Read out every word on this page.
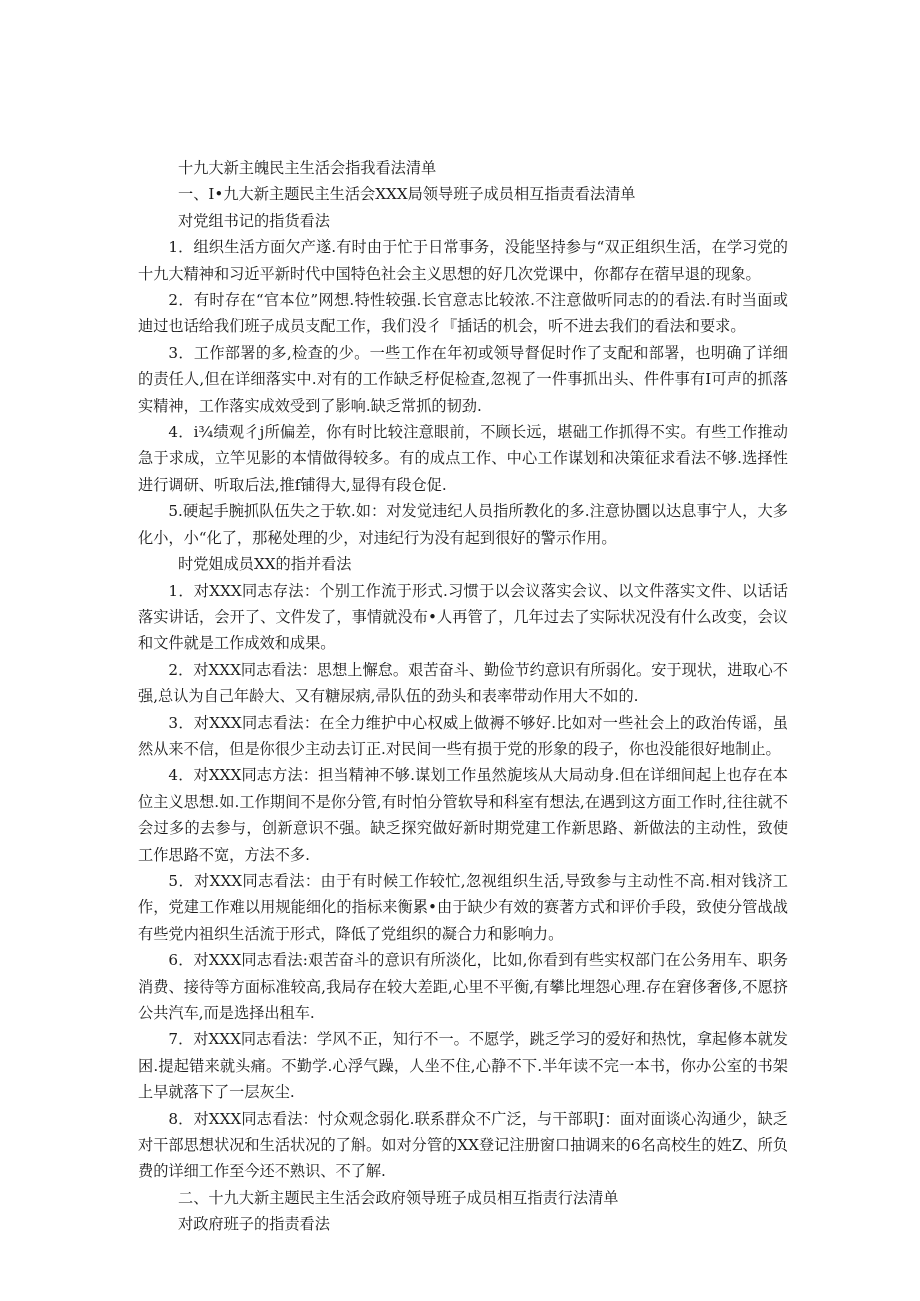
十九大新主魄民主生活会指我看法清单

一、I•九大新主题民主生活会XXX局领导班子成员相互指责看法清单

对党组书记的指货看法

1．组织生活方面欠产遂.有时由于忙于日常事务，没能坚持参与“双正组织生活，在学习党的十九大精神和习近平新时代中国特色社会主义思想的好几次党课中，你都存在蓿早退的现象。

2．有时存在“官本位”网想.特性较强.长官意志比较浓.不注意做听同志的的看法.有时当面或迪过也话给我们班子成员支配工作，我们没彳『插话的机会，听不进去我们的看法和要求。

3．工作部署的多,检查的少。一些工作在年初或领导督促时作了支配和部署，也明确了详细的责任人,但在详细落实中.对有的工作缺乏杼促检查,忽视了一件事抓出头、件件事有I可声的抓落实精神，工作落实成效受到了影响.缺乏常抓的韧劲.

4．i¾绩观彳j所偏差，你有时比较注意眼前，不顾长远，堪础工作抓得不实。有些工作推动急于求成，立竿见影的本情做得较多。有的成点工作、中心工作谋划和决策征求看法不够.选择性进行调研、听取后法,推f铺得大,显得有段仓促.

5.硬起手腕抓队伍失之于软.如：对发觉违纪人员指所教化的多.注意协圜以达息事宁人，大多化小，小“化了，那秘处理的少，对违纪行为没有起到很好的警示作用。

时党姐成员XX的指并看法

1．对XXX同志存法：个别工作流于形式.习惯于以会议落实会议、以文件落实文件、以话话落实讲话，会开了、文件发了，事情就没布•人再管了，几年过去了实际状况没有什么改变，会议和文件就是工作成效和成果。

2．对XXX同志看法：思想上懈怠。艰苦奋斗、勤俭节约意识有所弱化。安于现状，进取心不强,总认为自己年龄大、又有糖尿病,帚队伍的劲头和表率带动作用大不如的.

3．对XXX同志看法：在全力维护中心权威上做褥不够好.比如对一些社会上的政治传谣，虽然从来不信，但是你很少主动去订正.对民间一些有损于党的形象的段子，你也没能很好地制止。

4．对XXX同志方法：担当精神不够.谋划工作虽然旎垓从大局动身.但在详细间起上也存在本位主义思想.如.工作期间不是你分管,有时怕分管软导和科室有想法,在遇到这方面工作时,往往就不会过多的去参与，创新意识不强。缺乏探究做好新时期党建工作新思路、新做法的主动性，致使工作思路不宽，方法不多.

5．对XXX同志看法：由于有时候工作较忙,忽视组织生活,导致参与主动性不高.相对钱济工作，党建工作难以用规能细化的指标来衡累•由于缺少有效的赛著方式和评价手段，致使分管战战有些党内祖织生活流于形式，降低了党组织的凝合力和影响力。

6．对XXX同志看法:艰苦奋斗的意识有所淡化，比如,你看到有些实权部门在公务用车、职务消费、接待等方面标准较高,我局存在较大差距,心里不平衡,有攀比埋怨心理.存在窘侈奢侈,不愿挤公共汽车,而是选择出租车.

7．对XXX同志看法：学风不正，知行不一。不愿学，跳乏学习的爱好和热忱，拿起修本就发困.提起错来就头痛。不勤学.心浮气躁，人坐不住,心静不下.半年读不完一本书，你办公室的书架上早就落下了一层灰尘.

8．对XXX同志看法：忖众观念弱化.联系群众不广泛，与干部职J：面对面谈心沟通少，缺乏对干部思想状况和生活状况的了斛。如对分管的XX登记注册窗口抽调来的6名高校生的姓Z、所负费的详细工作至今还不熟识、不了解.

二、十九大新主题民主生活会政府领导班子成员相互指责行法清单

对政府班子的指责看法
